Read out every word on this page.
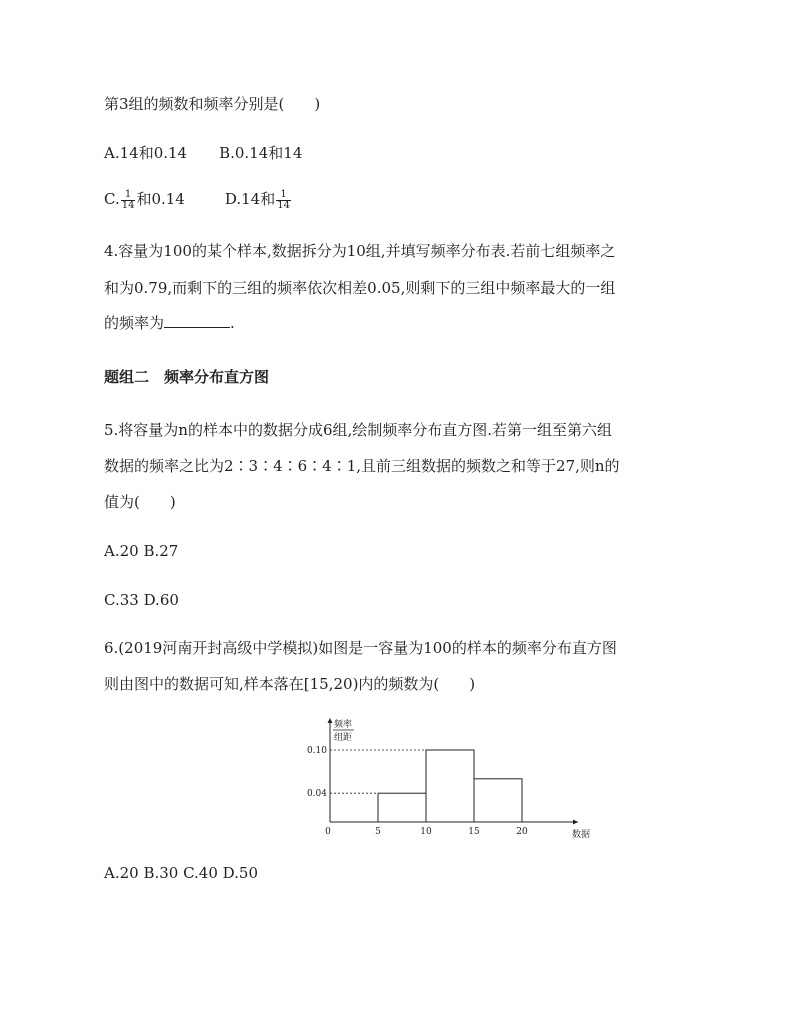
第3组的频数和频率分别是(　　)
A.14和0.14 B.0.14和14
C. $\frac{1}{14}$ 和0.14	D.14和 $\frac{1}{14}$
4.容量为100的某个样本,数据拆分为10组,并填写频率分布表.若前七组频率之
和为0.79,而剩下的三组的频率依次相差0.05,则剩下的三组中频率最大的一组
的频率为	.
题组二　频率分布直方图
5.将容量为n的样本中的数据分成6组,绘制频率分布直方图.若第一组至第六组
数据的频率之比为2∶3∶4∶6∶4∶1,且前三组数据的频数之和等于27,则n的
值为(　　)
A.20 B.27
C.33 D.60
6.(2019河南开封高级中学模拟)如图是一容量为100的样本的频率分布直方图
则由图中的数据可知,样本落在[15,20)内的频数为(　　)
频率
组距
0.10
0.04
0	5	10	15	20	数据
A.20 B.30 C.40 D.50
